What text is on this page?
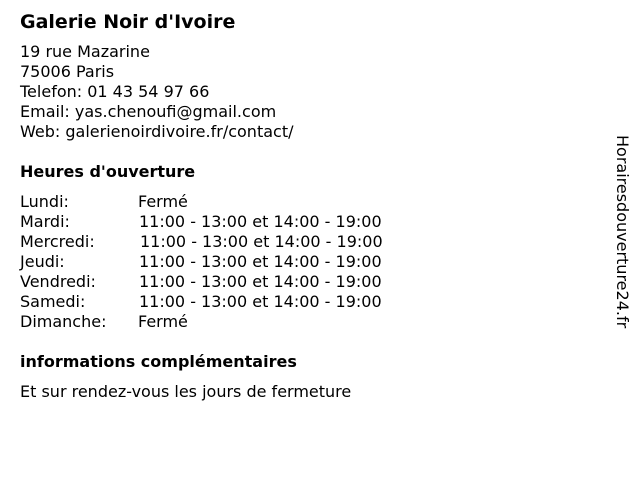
Galerie Noir d'Ivoire
19 rue Mazarine
75006 Paris
Telefon: 01 43 54 97 66
Email: yas.chenoufi@gmail.com
Web: galerienoirdivoire.fr/contact/
Heures d'ouverture
Lundi:	Fermé
Mardi:	11:00 - 13:00 et 14:00 - 19:00
Mercredi:	11:00 - 13:00 et 14:00 - 19:00
Jeudi:	11:00 - 13:00 et 14:00 - 19:00
Vendredi:	11:00 - 13:00 et 14:00 - 19:00
Samedi:	11:00 - 13:00 et 14:00 - 19:00
Dimanche:	Fermé
informations complémentaires
Et sur rendez-vous les jours de fermeture
Horairesdouverture24.fr
